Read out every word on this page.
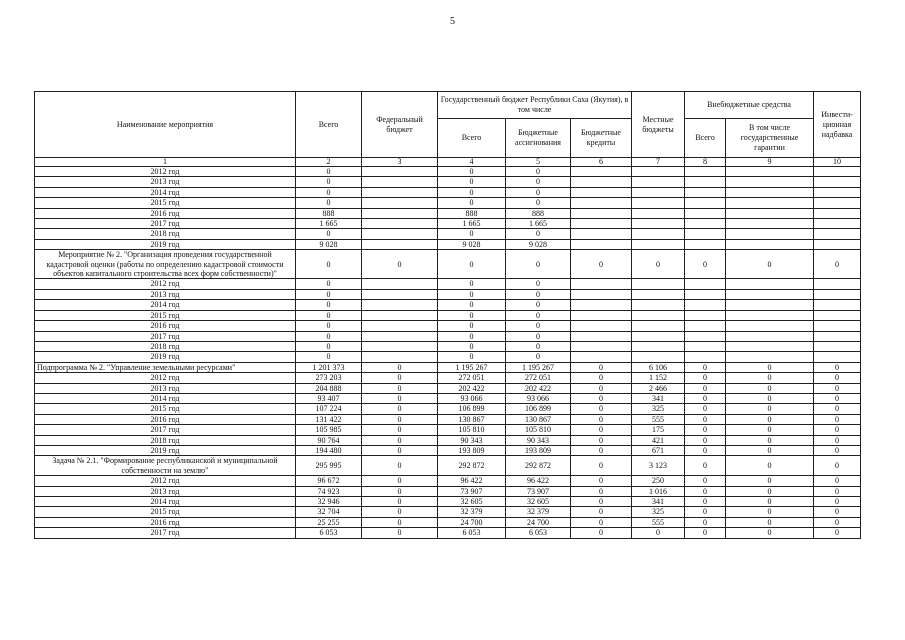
5
Наименование мероприятия	Всего	Федеральный бюджет	Государственный бюджет Республики Саха (Якутия), в том числе			Местные бюджеты	Внебюджетные средства		Инвести-ционная надбавка
			Всего	Бюджетные ассигнования	Бюджетные кредиты		Всего	В том числе государственные гарантии	
1	2	3	4	5	6	7	8	9	10
2012 год	0		0	0					
2013 год	0		0	0					
2014 год	0		0	0					
2015 год	0		0	0					
2016 год	888		888	888					
2017 год	1 665		1 665	1 665					
2018 год	0		0	0					
2019 год	9 028		9 028	9 028					
Мероприятие № 2. "Организация проведения государственной кадастровой оценки (работы по определению кадастровой стоимости объектов капитального строительства всех форм собственности)"	0	0	0	0	0	0	0	0	0
2012 год	0		0	0					
2013 год	0		0	0					
2014 год	0		0	0					
2015 год	0		0	0					
2016 год	0		0	0					
2017 год	0		0	0					
2018 год	0		0	0					
2019 год	0		0	0					
Подпрограмма № 2. "Управление земельными ресурсами"	1 201 373	0	1 195 267	1 195 267	0	6 106	0	0	0
2012 год	273 203	0	272 051	272 051	0	1 152	0	0	0
2013 год	204 888	0	202 422	202 422	0	2 466	0	0	0
2014 год	93 407	0	93 066	93 066	0	341	0	0	0
2015 год	107 224	0	106 899	106 899	0	325	0	0	0
2016 год	131 422	0	130 867	130 867	0	555	0	0	0
2017 год	105 985	0	105 810	105 810	0	175	0	0	0
2018 год	90 764	0	90 343	90 343	0	421	0	0	0
2019 год	194 480	0	193 809	193 809	0	671	0	0	0
Задача № 2.1. "Формирование республиканской и муниципальной собственности на землю"	295 995	0	292 872	292 872	0	3 123	0	0	0
2012 год	96 672	0	96 422	96 422	0	250	0	0	0
2013 год	74 923	0	73 907	73 907	0	1 016	0	0	0
2014 год	32 946	0	32 605	32 605	0	341	0	0	0
2015 год	32 704	0	32 379	32 379	0	325	0	0	0
2016 год	25 255	0	24 700	24 700	0	555	0	0	0
2017 год	6 053	0	6 053	6 053	0	0	0	0	0
